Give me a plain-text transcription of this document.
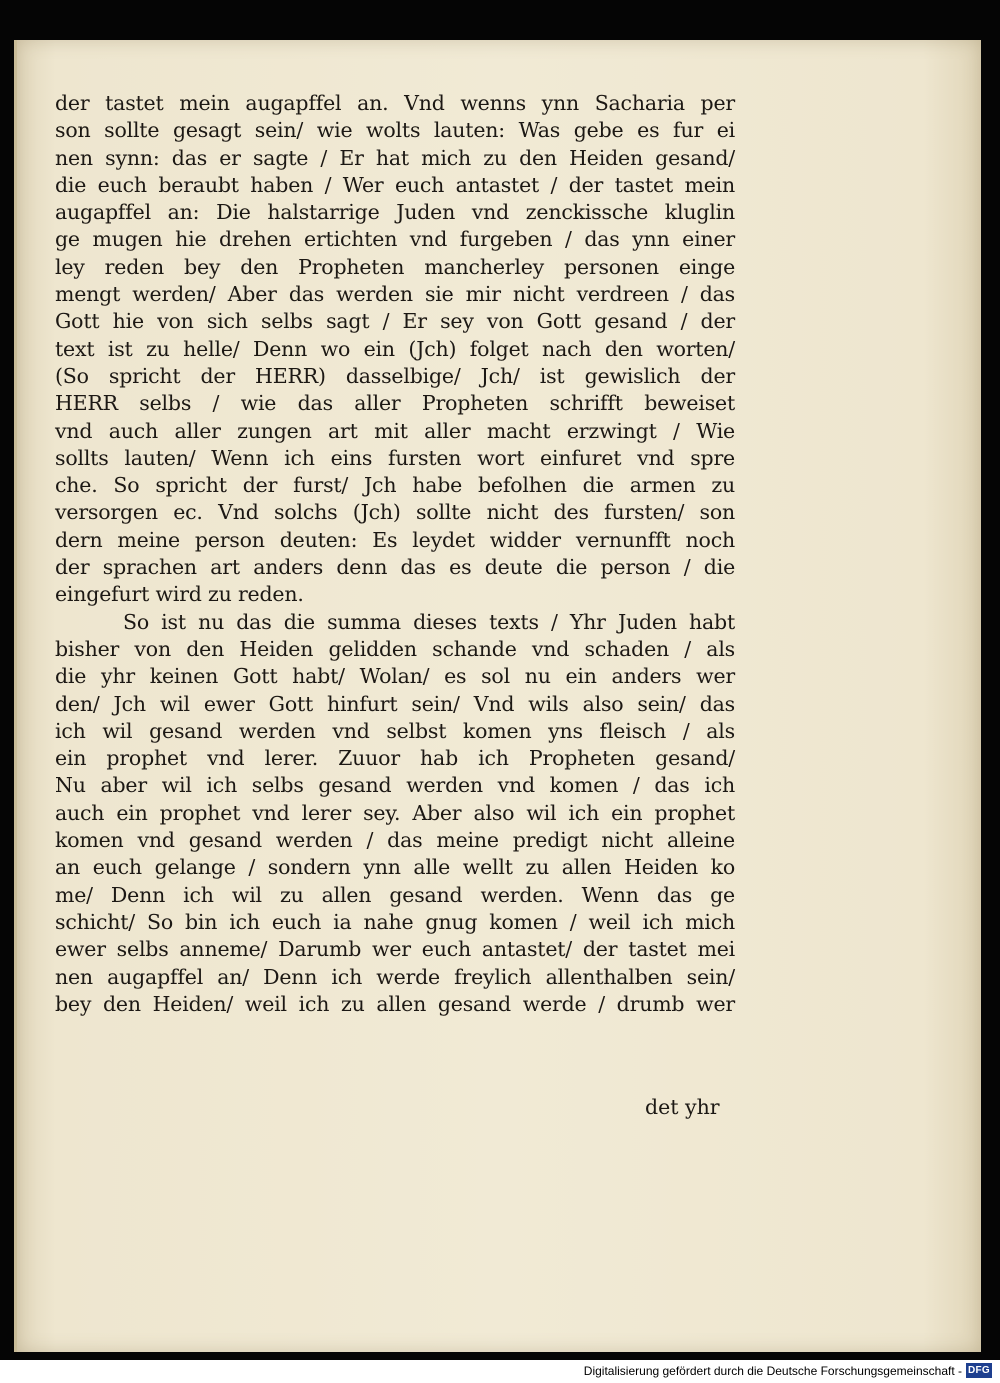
der tastet mein augapffel an. Vnd wenns ynn Sacharia per
son sollte gesagt sein/ wie wolts lauten: Was gebe es fur ei
nen synn: das er sagte / Er hat mich zu den Heiden gesand/
die euch beraubt haben / Wer euch antastet / der tastet mein
augapffel an: Die halstarrige Juden vnd zenckissche kluglin
ge mugen hie drehen ertichten vnd furgeben / das ynn einer
ley reden bey den Propheten mancherley personen einge
mengt werden/ Aber das werden sie mir nicht verdreen / das
Gott hie von sich selbs sagt / Er sey von Gott gesand / der
text ist zu helle/ Denn wo ein (Jch) folget nach den worten/
(So spricht der HERR) dasselbige/ Jch/ ist gewislich der
HERR selbs / wie das aller Propheten schrifft beweiset
vnd auch aller zungen art mit aller macht erzwingt / Wie
sollts lauten/ Wenn ich eins fursten wort einfuret vnd spre
che. So spricht der furst/ Jch habe befolhen die armen zu
versorgen ec. Vnd solchs (Jch) sollte nicht des fursten/ son
dern meine person deuten: Es leydet widder vernunfft noch
der sprachen art anders denn das es deute die person / die
eingefurt wird zu reden.
So ist nu das die summa dieses texts / Yhr Juden habt
bisher von den Heiden gelidden schande vnd schaden / als
die yhr keinen Gott habt/ Wolan/ es sol nu ein anders wer
den/ Jch wil ewer Gott hinfurt sein/ Vnd wils also sein/ das
ich wil gesand werden vnd selbst komen yns fleisch / als
ein prophet vnd lerer. Zuuor hab ich Propheten gesand/
Nu aber wil ich selbs gesand werden vnd komen / das ich
auch ein prophet vnd lerer sey. Aber also wil ich ein prophet
komen vnd gesand werden / das meine predigt nicht alleine
an euch gelange / sondern ynn alle wellt zu allen Heiden ko
me/ Denn ich wil zu allen gesand werden. Wenn das ge
schicht/ So bin ich euch ia nahe gnug komen / weil ich mich
ewer selbs anneme/ Darumb wer euch antastet/ der tastet mei
nen augapffel an/ Denn ich werde freylich allenthalben sein/
bey den Heiden/ weil ich zu allen gesand werde / drumb wer
det yhr
Digitalisierung gefördert durch die Deutsche Forschungsgemeinschaft - DFG
